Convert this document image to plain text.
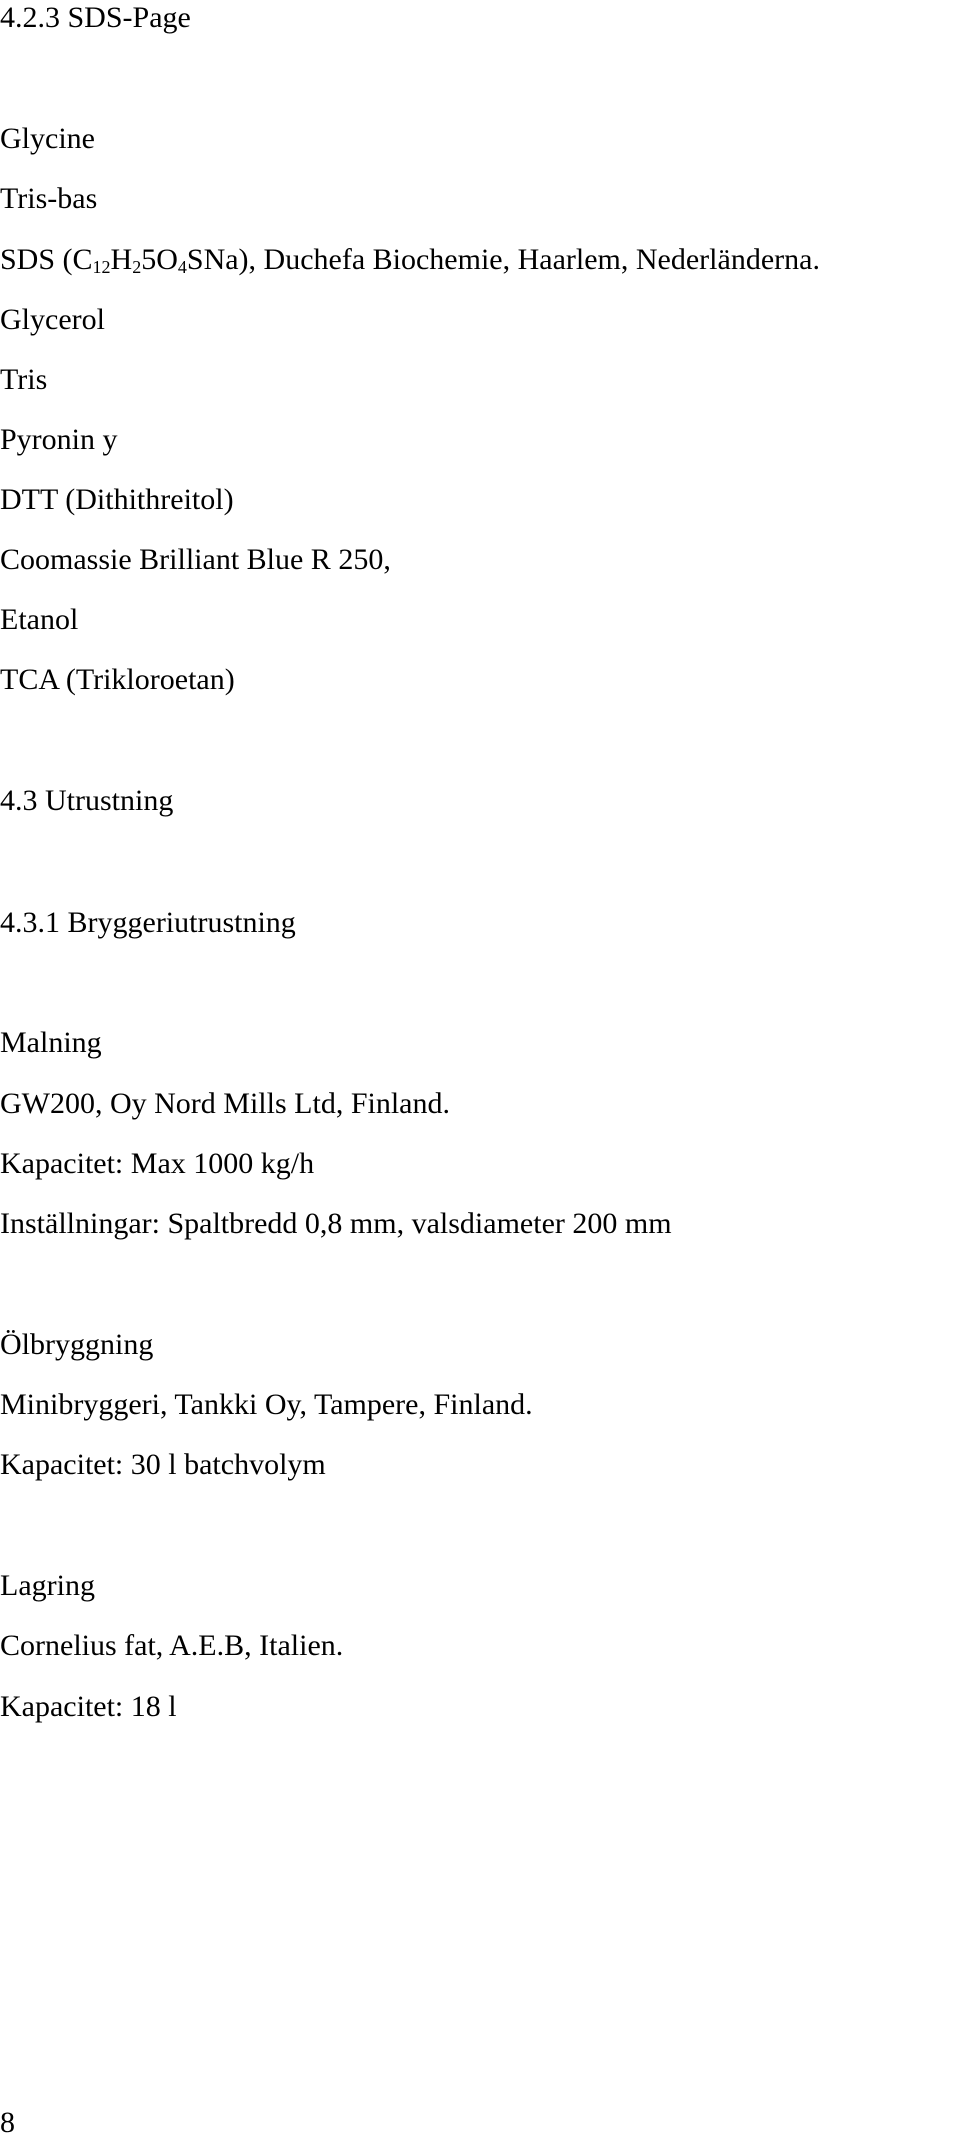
4.2.3 SDS-Page
Glycine
Tris-bas
SDS $(C_{12}H_25O_4SNa)$, Duchefa Biochemie, Haarlem, Nederländerna.
Glycerol
Tris
Pyronin y
DTT (Dithithreitol)
Coomassie Brilliant Blue R 250,
Etanol
TCA (Trikloroetan)
4.3 Utrustning
4.3.1 Bryggeriutrustning
Malning
GW200, Oy Nord Mills Ltd, Finland.
Kapacitet: Max 1000 kg/h
Inställningar: Spaltbredd 0,8 mm, valsdiameter 200 mm
Ölbryggning
Minibryggeri, Tankki Oy, Tampere, Finland.
Kapacitet: 30 l batchvolym
Lagring
Cornelius fat, A.E.B, Italien.
Kapacitet: 18 l
8
